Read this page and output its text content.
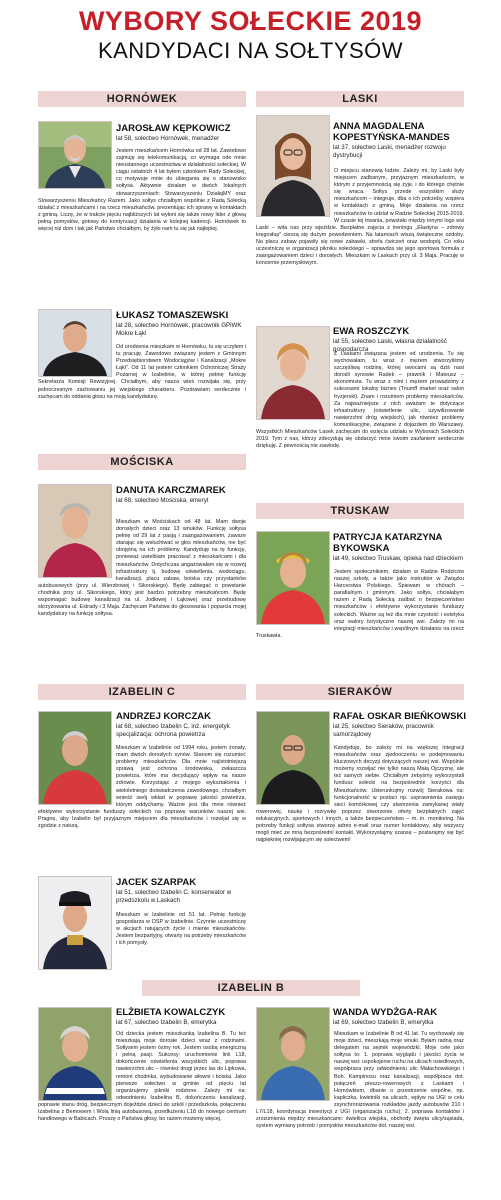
WYBORY SOŁECKIE 2019
KANDYDACI NA SOŁTYSÓW
HORNÓWEK	LASKI
MOŚCISKA
TRUSKAW
IZABELIN C	SIERAKÓW
IZABELIN B
JAROSŁAW KĘPKOWICZ
lat 58, sołectwo Hornówek, menadżer
Jestem mieszkańcem Hornówka od 28 lat. Zawodowo zajmuję się telekomunikacją, co wymaga ode mnie nieustannego uczestnictwa w działalności sołeckiej. W ciągu ostatnich 4 lat byłem członkiem Rady Sołeckiej, co motywuje mnie do ubiegania się o stanowisko sołtysa. Aktywnie działam w dwóch lokalnych stowarzyszeniach: Stowarzyszeniu DziałajMY oraz Stowarzyszeniu Mieszkańcy Razem. Jako sołtys chciałbym wspólnie z Radą Sołecką działać z mieszkańcami i na rzecz mieszkańców, prezentując ich sprawy w kontaktach z gminą. Liczę, że w trakcie pięciu najbliższych lat wyłoni się także nowy lider z głową pełną pomysłów, gotowy do kontynuacji działania w kolejnej kadencji. Hornówek to więcej niż dom i tak jak Państwo chciałbym, by żyło nam tu się jak najlepiej.
ŁUKASZ TOMASZEWSKI
lat 28, sołectwo Hornówek, pracownik GPiWK Mokre Łąki
Od urodzenia mieszkam w Hornówku, tu się uczyłem i tu pracuję. Zawodowo związany jestem z Gminnym Przedsiębiorstwem Wodociągów i Kanalizacji „Mokre Łąki”. Od 11 lat jestem członkiem Ochotniczej Straży Pożarnej w Izabelinie, w której pełnię funkcję Sekretarza Komisji Rewizyjnej. Chciałbym, aby nasza wieś rozwijała się, przy jednoczesnym zachowaniu jej wiejskiego charakteru. Pozdrawiam serdecznie i zachęcam do oddania głosu na moją kandydaturę.
DANUTA KARCZMAREK
lat 68, sołectwo Mościska, emeryt
Mieszkam w Mościskach od 48 lat. Mam dwoje dorosłych dzieci oraz 13 wnuków. Funkcję sołtysa pełnię od 29 lat z pasją i zaangażowaniem, zawsze starając się wsłuchiwać w głos mieszkańców, nie być obojętną na ich problemy. Kandyduję na tę funkcję, ponieważ uwielbiam pracować z mieszkańcami i dla mieszkańców. Dotychczas angażowałam się w rozwój infrastruktury tj. budowę oświetlenia, wodociągu, kanalizacji, placu zabaw, boiska czy przystanków autobusowych (przy ul. Wierzbowej i Sikorskiego). Będę zabiegać o powstanie chodnika przy ul. Sikorskiego, który jest bardzo potrzebny mieszkańcom. Będę wspomagać budowę kanalizacji na ul. Jodłowej i Łąkowej oraz przebudowę skrzyżowania ul. Estrady i 3 Maja. Zachęcam Państwa do głosowania i poparcia mojej kandydatury na funkcję sołtysa.
ANDRZEJ KORCZAK
lat 68, sołectwo Izabelin C, inż. energetyk specjalizacja: ochrona powietrza
Mieszkam w Izabelinie od 1994 roku, jestem żonaty, mam dwóch dorosłych synów. Stanom się rozumieć problemy mieszkańców. Dla mnie najistotniejszą sprawą jest ochrona środowiska, zwłaszcza powietrza, które ma decydujący wpływ na nasze zdrowie. Korzystając z mojego wykształcenia i wieloletniego doświadczenia zawodowego, chciałbym wnieść swój wkład w poprawę jakości powietrza, którym oddychamy. Ważne jest dla mnie również efektywne wykorzystanie funduszy sołeckich na poprawę warunków naszej wsi. Pragnę, aby Izabelin był przyjaznym miejscem dla mieszkańców i rozwijał się w zgodzie z naturą.
JACEK SZARPAK
lat 51, sołectwo Izabelin C, konserwator w przedszkolu w Laskach
Mieszkam w Izabelinie od 51 lat. Pełnię funkcję gospodarza w OSP w Izabelinie. Czynnie uczestniczę w akcjach ratujących życie i mienie mieszkańców. Jestem bezpartyjny, otwarty na potrzeby mieszkańców i ich pomysły.
ELŻBIETA KOWALCZYK
lat 67, sołectwo Izabelin B, emerytka
Od dziecka jestem mieszkanką Izabelina B. Tu też mieszkają moje dorosłe dzieci wraz z rodzinami. Sołtysem jestem ósmy rok. Jestem osobą energiczną i pełną pasji. Sukcesy: uruchomienie linii L18, dokończenie oświetlenia wszystkich ulic, poprawa nawierzchni ulic – również drogi przez las do Lipkowa, remont chodnika, wybudowanie siłowni i boiska. Jako pierwsze sołectwo w gminie od pięciu lat organizujemy pikniki rodzinne. Zależy mi na: odwodnieniu Izabelina B, dokończeniu kanalizacji, poprawie stanu dróg, bezpiecznym dojeździe dzieci do szkół i przedszkola, połączeniu Izabelina z Bemowem i Wolą linią autobusową, przedłużeniu L18 do nowego centrum handlowego w Babicach. Proszę o Państwa głosy, bo razem możemy więcej.
ANNA MAGDALENA KOPESTYŃSKA-MANDES
lat 37, sołectwo Laski, menadżer rozwoju dystrybucji
O miejscu stanowią ludzie. Zależy mi, by Laski były miejscem zadbanym, przyjaznym mieszkańcom, w którym z przyjemnością się żyje, i do którego chętnie się wraca. Sołtys przede wszystkim służy mieszkańcom – integruje, dba o ich potrzeby, wspiera w kontaktach z gminą. Moje działania na rzecz mieszkańców to udział w Radzie Sołeckiej 2015-2019. W czasie tej trwania, powstało między innymi logo wsi Laski – wita nas przy wjeździe. Bezpłatne zajęcia z treningu „Elastyna – zdrowy kręgosłup” cieszą się dużym powodzeniem. Na latarniach wiszą świąteczne ozdoby. Na placu zabaw pojawiły się nowe zabawki, strefa ćwiczeń oraz wodopój. Co roku uczestniczę w organizacji pikniku sołeckiego – sprawdza się jego sportowa formuła z zaangażowaniem dzieci i dorosłych. Mieszkam w Laskach przy ul. 3 Maja. Pracuję w koncernie przemysłowym.
EWA ROSZCZYK
lat 55, sołectwo Laski, własna działalność gospodarcza
Z Laskami związana jestem od urodzenia. Tu się wychowałam, tu wraz z mężem stworzyliśmy szczęśliwą rodzinę, której owocami są dziś nasi dorośli synowie Radek – prawnik i Mateusz – ekonomista. Tu wraz z nimi i mężem prowadzimy z sukcesami lokalny biznes (Triumff market oraz salon fryzjerski). Znam i rozumiem problemy mieszkańców. Za najważniejsze z nich uważam te dotyczące infrastruktury (oświetlenie ulic, uzywilizowanie nawierzchni dróg wiejskich), jak również problemy komunikacyjne, związane z dojazdem do Warszawy. Wszystkich Mieszkańców Lasek zachęcam do wzięcia udziału w Wyborach Sołeckich 2019. Tym z nas, którzy zdecydują się obdarzyć mnie swoim zaufaniem serdecznie dziękuję. Z pewnością nie zawiodę.
PATRYCJA KATARZYNA BYKOWSKA
lat 49, sołectwo Truskaw, opieka nad dzieckiem
Jestem społecznikiem, działam w Radzie Rodziców naszej szkoły, a także jako instruktor w Związku Harcerstwa Polskiego. Śpiewam w chórach – parafialnym i gminnym. Jako sołtys, chciałabym razem z Radą Sołecką zadbać o bezpieczeństwo mieszkańców i efektywne wykorzystanie funduszy sołeckich. Ważne są też dla mnie czystość i estetyka oraz walory turystyczne naszej wsi. Zależy mi na integracji mieszkańców i wspólnym działaniu na rzecz Truskawia.
RAFAŁ OSKAR BIEŃKOWSKI
lat 25, sołectwo Sieraków, pracownik samorządowy
Kandyduję, bo zależy mi na większej integracji mieszkańców oraz zjednoczeniu w podejmowaniu kluczowych decyzji dotyczących naszej wsi. Wspólnie możemy rozwijać nie tylko naszą Małą Ojczyznę, ale też samych siebie. Chciałbym żebyśmy wykorzystali fundusz sołecki na bezpośrednie korzyści dla Mieszkańców. Ukierunkujmy rozwój Sierakowa na: funkcjonalność w postaci np. usprawnienia zasięgu sieci komórkowej czy stworzenia zamykanej wiaty rowerowej, naukę i rozrywkę poprzez stworzenie oferty bezpłatnych zajęć edukacyjnych, sportowych i innych, a także bezpieczeństwo – m. in. monitoring. Na potrzeby funkcji sołtysa stworzę adres e-mail oraz numer kontaktowy, aby wszyscy mogli mieć ze mną bezpośredni kontakt. Wykorzystajmy szansę – postarajmy się być najpiękniej rozwijającym się sołectwem!
WANDA WYDŻGA-RAK
lat 69, sołectwo Izabelin B, emerytka
Mieszkam w Izabelinie B od 41 lat. Tu wychowały się moje dzieci, mieszkają moje wnuki. Byłam radną oraz delegatem na sejmik wojewódzki. Moje cele jako sołtysa to: 1. poprawa wyglądu i jakości życia w naszej wsi: uspokojenie ruchu na ulicach osiedlowych, współpraca przy odwodnieniu ulic Małachowskiego i Boh. Kampinosu oraz kanalizacji, współpraca dot. połączeń pieszo-rowerowych z Laskami i Hornówkiem, dbanie o przestrzenie wspólne, np. kapliczka, kwietniki na ulicach, wpływ na UGI w celu zsynchronizowania rozkładów jazdy autobusów 210 i L7/L18, koordynacja inwestycji z UGI (organizacja ruchu); 2. poprawa kontaktów i zrozumienia między mieszkańcami: świetlica wiejska, obchody święta ulicy/sąsiada, system wymiany potrzeb i pomysłów mieszkańców dot. naszej wsi.
